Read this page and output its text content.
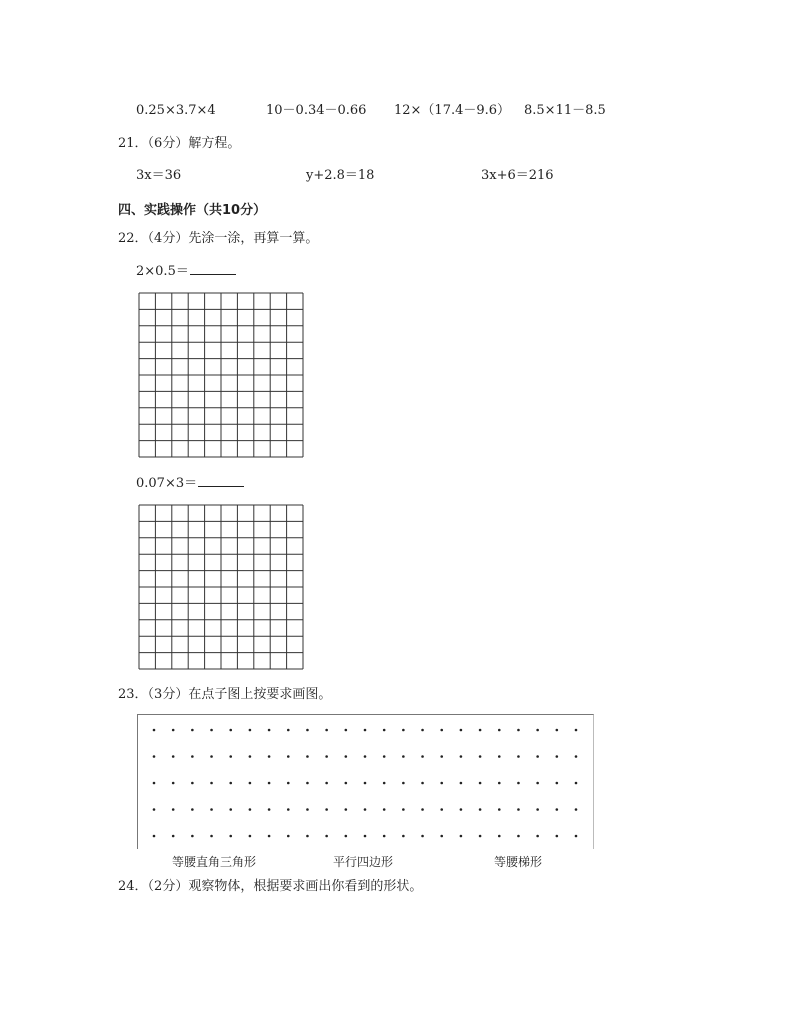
0.25×3.7×4	10－0.34－0.66 12×（17.4－9.6） 8.5×11－8.5
21．（6分）解方程。
3x＝36	y+2.8＝18	3x+6＝216
四、实践操作（共10分）
22．（4分）先涂一涂，再算一算。
2×0.5＝
0.07×3＝
23．（3分）在点子图上按要求画图。
等腰直角三角形	平行四边形	等腰梯形
24．（2分）观察物体，根据要求画出你看到的形状。
